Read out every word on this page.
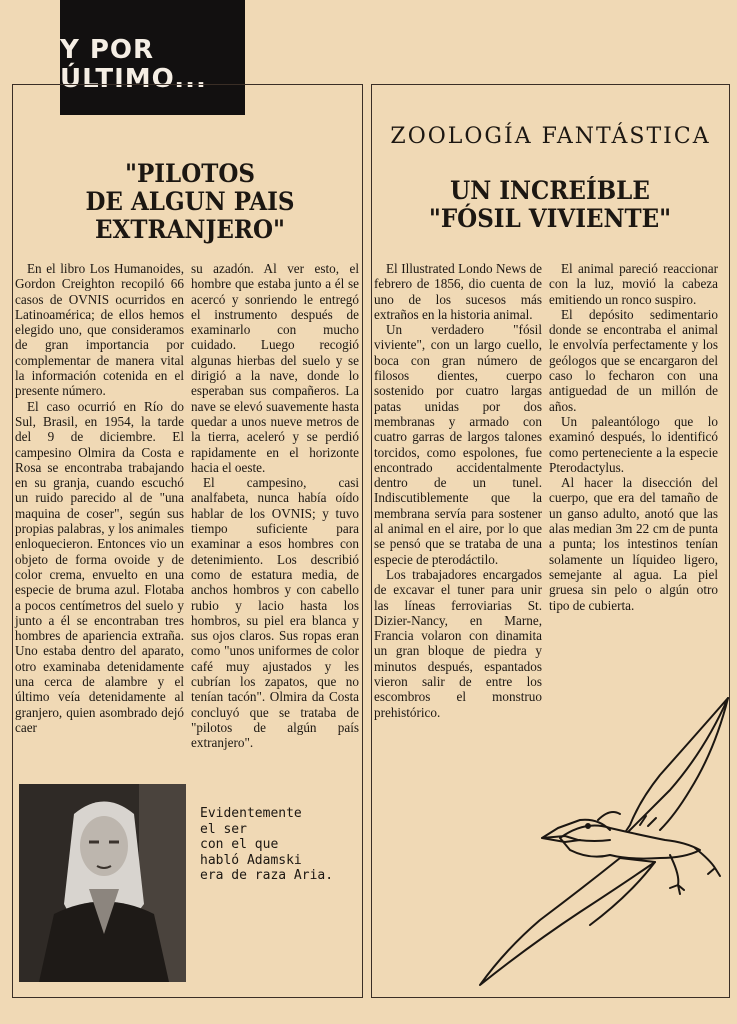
Y POR
ÚLTIMO...
"PILOTOS
DE ALGUN PAIS
EXTRANJERO"

En el libro Los Humanoides, Gordon Creighton recopiló 66 casos de OVNIS ocurridos en Latinoamérica; de ellos hemos elegido uno, que consideramos de gran importancia por complementar de manera vital la información cotenida en el presente número.

El caso ocurrió en Río do Sul, Brasil, en 1954, la tarde del 9 de diciembre. El campesino Olmira da Costa e Rosa se encontraba trabajando en su granja, cuando escuchó un ruido parecido al de "una maquina de coser", según sus propias palabras, y los animales enloquecieron. Entonces vio un objeto de forma ovoide y de color crema, envuelto en una especie de bruma azul. Flotaba a pocos centímetros del suelo y junto a él se encontraban tres hombres de apariencia extraña. Uno estaba dentro del aparato, otro examinaba detenidamente una cerca de alambre y el último veía detenidamente al granjero, quien asombrado dejó caer

su azadón. Al ver esto, el hombre que estaba junto a él se acercó y sonriendo le entregó el instrumento después de examinarlo con mucho cuidado. Luego recogió algunas hierbas del suelo y se dirigió a la nave, donde lo esperaban sus compañeros. La nave se elevó suavemente hasta quedar a unos nueve metros de la tierra, aceleró y se perdió rapidamente en el horizonte hacia el oeste.

El campesino, casi analfabeta, nunca había oído hablar de los OVNIS; y tuvo tiempo suficiente para examinar a esos hombres con detenimiento. Los describió como de estatura media, de anchos hombros y con cabello rubio y lacio hasta los hombros, su piel era blanca y sus ojos claros. Sus ropas eran como "unos uniformes de color café muy ajustados y les cubrían los zapatos, que no tenían tacón". Olmira da Costa concluyó que se trataba de "pilotos de algún país extranjero".

Evidentemente
el ser
con el que
habló Adamski
era de raza Aria.
ZOOLOGÍA FANTÁSTICA
UN INCREÍBLE
"FÓSIL VIVIENTE"

El Illustrated Londo News de febrero de 1856, dio cuenta de uno de los sucesos más extraños en la historia animal.

Un verdadero "fósil viviente", con un largo cuello, boca con gran número de filosos dientes, cuerpo sostenido por cuatro largas patas unidas por dos membranas y armado con cuatro garras de largos talones torcidos, como espolones, fue encontrado accidentalmente dentro de un tunel. Indiscutiblemente que la membrana servía para sostener al animal en el aire, por lo que se pensó que se trataba de una especie de pterodáctilo.

Los trabajadores encargados de excavar el tuner para unir las líneas ferroviarias St. Dizier-Nancy, en Marne, Francia volaron con dinamita un gran bloque de piedra y minutos después, espantados vieron salir de entre los escombros el monstruo prehistórico.

El animal pareció reaccionar con la luz, movió la cabeza emitiendo un ronco suspiro.

El depósito sedimentario donde se encontraba el animal le envolvía perfectamente y los geólogos que se encargaron del caso lo fecharon con una antiguedad de un millón de años.

Un paleantólogo que lo examinó después, lo identificó como perteneciente a la especie Pterodactylus.

Al hacer la disección del cuerpo, que era del tamaño de un ganso adulto, anotó que las alas median 3m 22 cm de punta a punta; los intestinos tenían solamente un líquideo ligero, semejante al agua. La piel gruesa sin pelo o algún otro tipo de cubierta.
